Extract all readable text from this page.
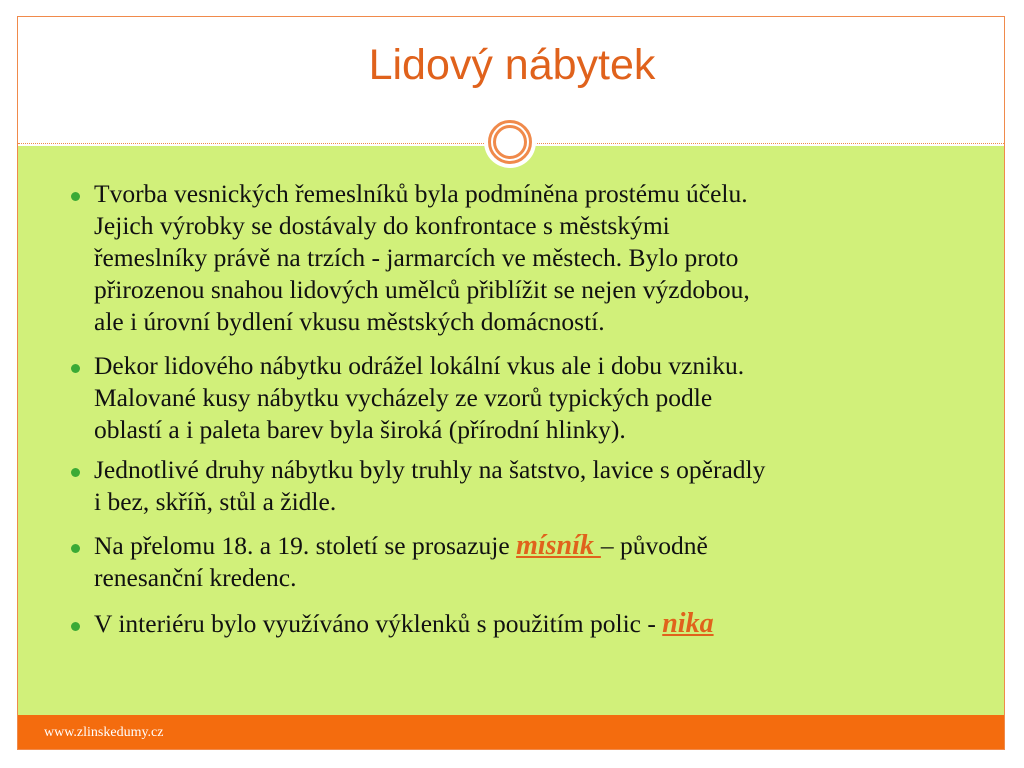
Lidový nábytek
Tvorba vesnických řemeslníků byla podmíněna prostému účelu.
Jejich výrobky se dostávaly do konfrontace s městskými
řemeslníky právě na trzích - jarmarcích ve městech. Bylo proto
přirozenou snahou lidových umělců přiblížit se nejen výzdobou,
ale i úrovní bydlení vkusu městských domácností.
Dekor lidového nábytku odrážel lokální vkus ale i dobu vzniku.
Malované kusy nábytku vycházely ze vzorů typických podle
oblastí a i paleta barev byla široká (přírodní hlinky).
Jednotlivé druhy nábytku byly truhly na šatstvo, lavice s opěradly
i bez, skříň, stůl a židle.
Na přelomu 18. a 19. století se prosazuje mísník – původně
renesanční kredenc.
V interiéru bylo využíváno výklenků s použitím polic - nika
www.zlinskedumy.cz
